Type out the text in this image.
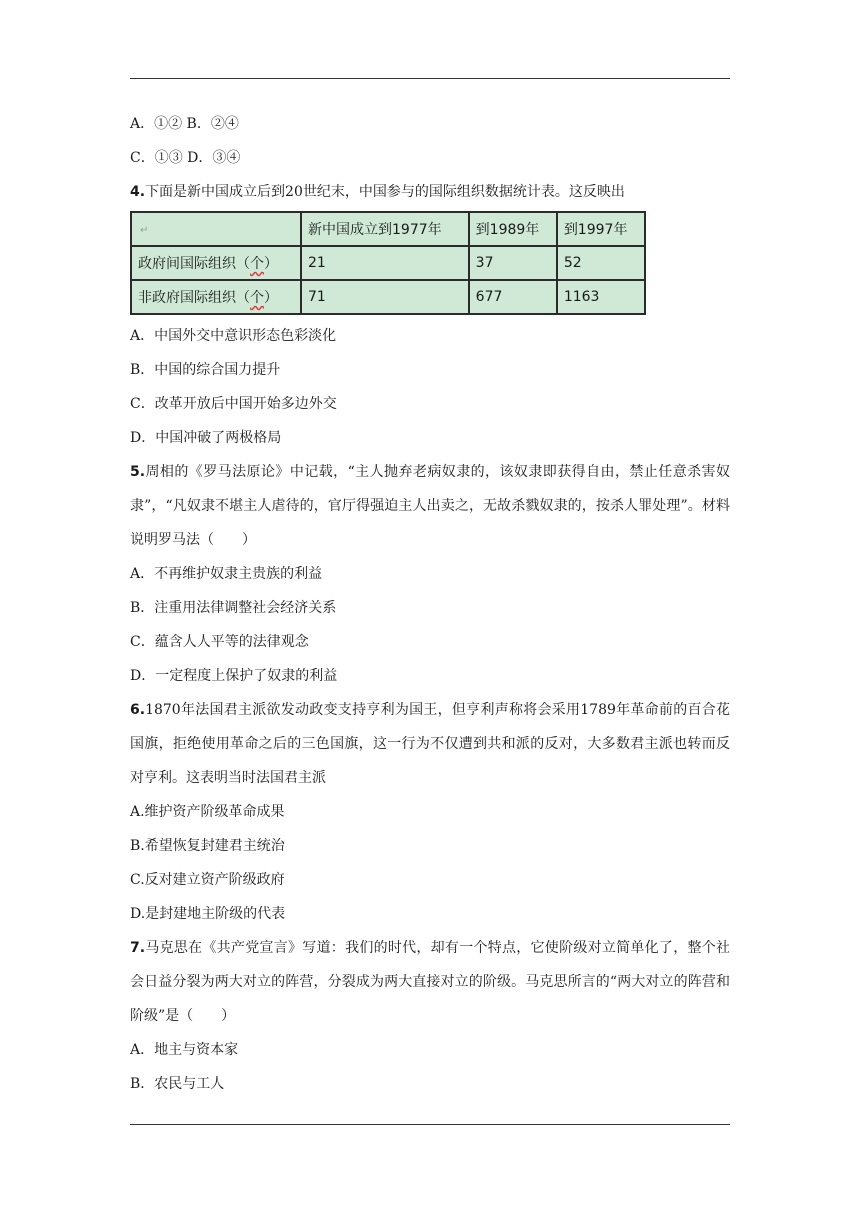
A．①② B．②④
C．①③ D．③④
4.下面是新中国成立后到20世纪末，中国参与的国际组织数据统计表。这反映出
↵	新中国成立到1977年	到1989年	到1997年
政府间国际组织（个）	21	37	52
非政府国际组织（个）	71	677	1163
A．中国外交中意识形态色彩淡化
B．中国的综合国力提升
C．改革开放后中国开始多边外交
D．中国冲破了两极格局
5.周相的《罗马法原论》中记载，“主人抛弃老病奴隶的，该奴隶即获得自由，禁止任意杀害奴隶”，“凡奴隶不堪主人虐待的，官厅得强迫主人出卖之，无故杀戮奴隶的，按杀人罪处理”。材料说明罗马法（　　）
A．不再维护奴隶主贵族的利益
B．注重用法律调整社会经济关系
C．蕴含人人平等的法律观念
D．一定程度上保护了奴隶的利益
6.1870年法国君主派欲发动政变支持亨利为国王，但亨利声称将会采用1789年革命前的百合花国旗，拒绝使用革命之后的三色国旗，这一行为不仅遭到共和派的反对，大多数君主派也转而反对亨利。这表明当时法国君主派
A.维护资产阶级革命成果
B.希望恢复封建君主统治
C.反对建立资产阶级政府
D.是封建地主阶级的代表
7.马克思在《共产党宣言》写道：我们的时代，却有一个特点，它使阶级对立简单化了，整个社会日益分裂为两大对立的阵营，分裂成为两大直接对立的阶级。马克思所言的“两大对立的阵营和阶级”是（　　）
A．地主与资本家
B．农民与工人
